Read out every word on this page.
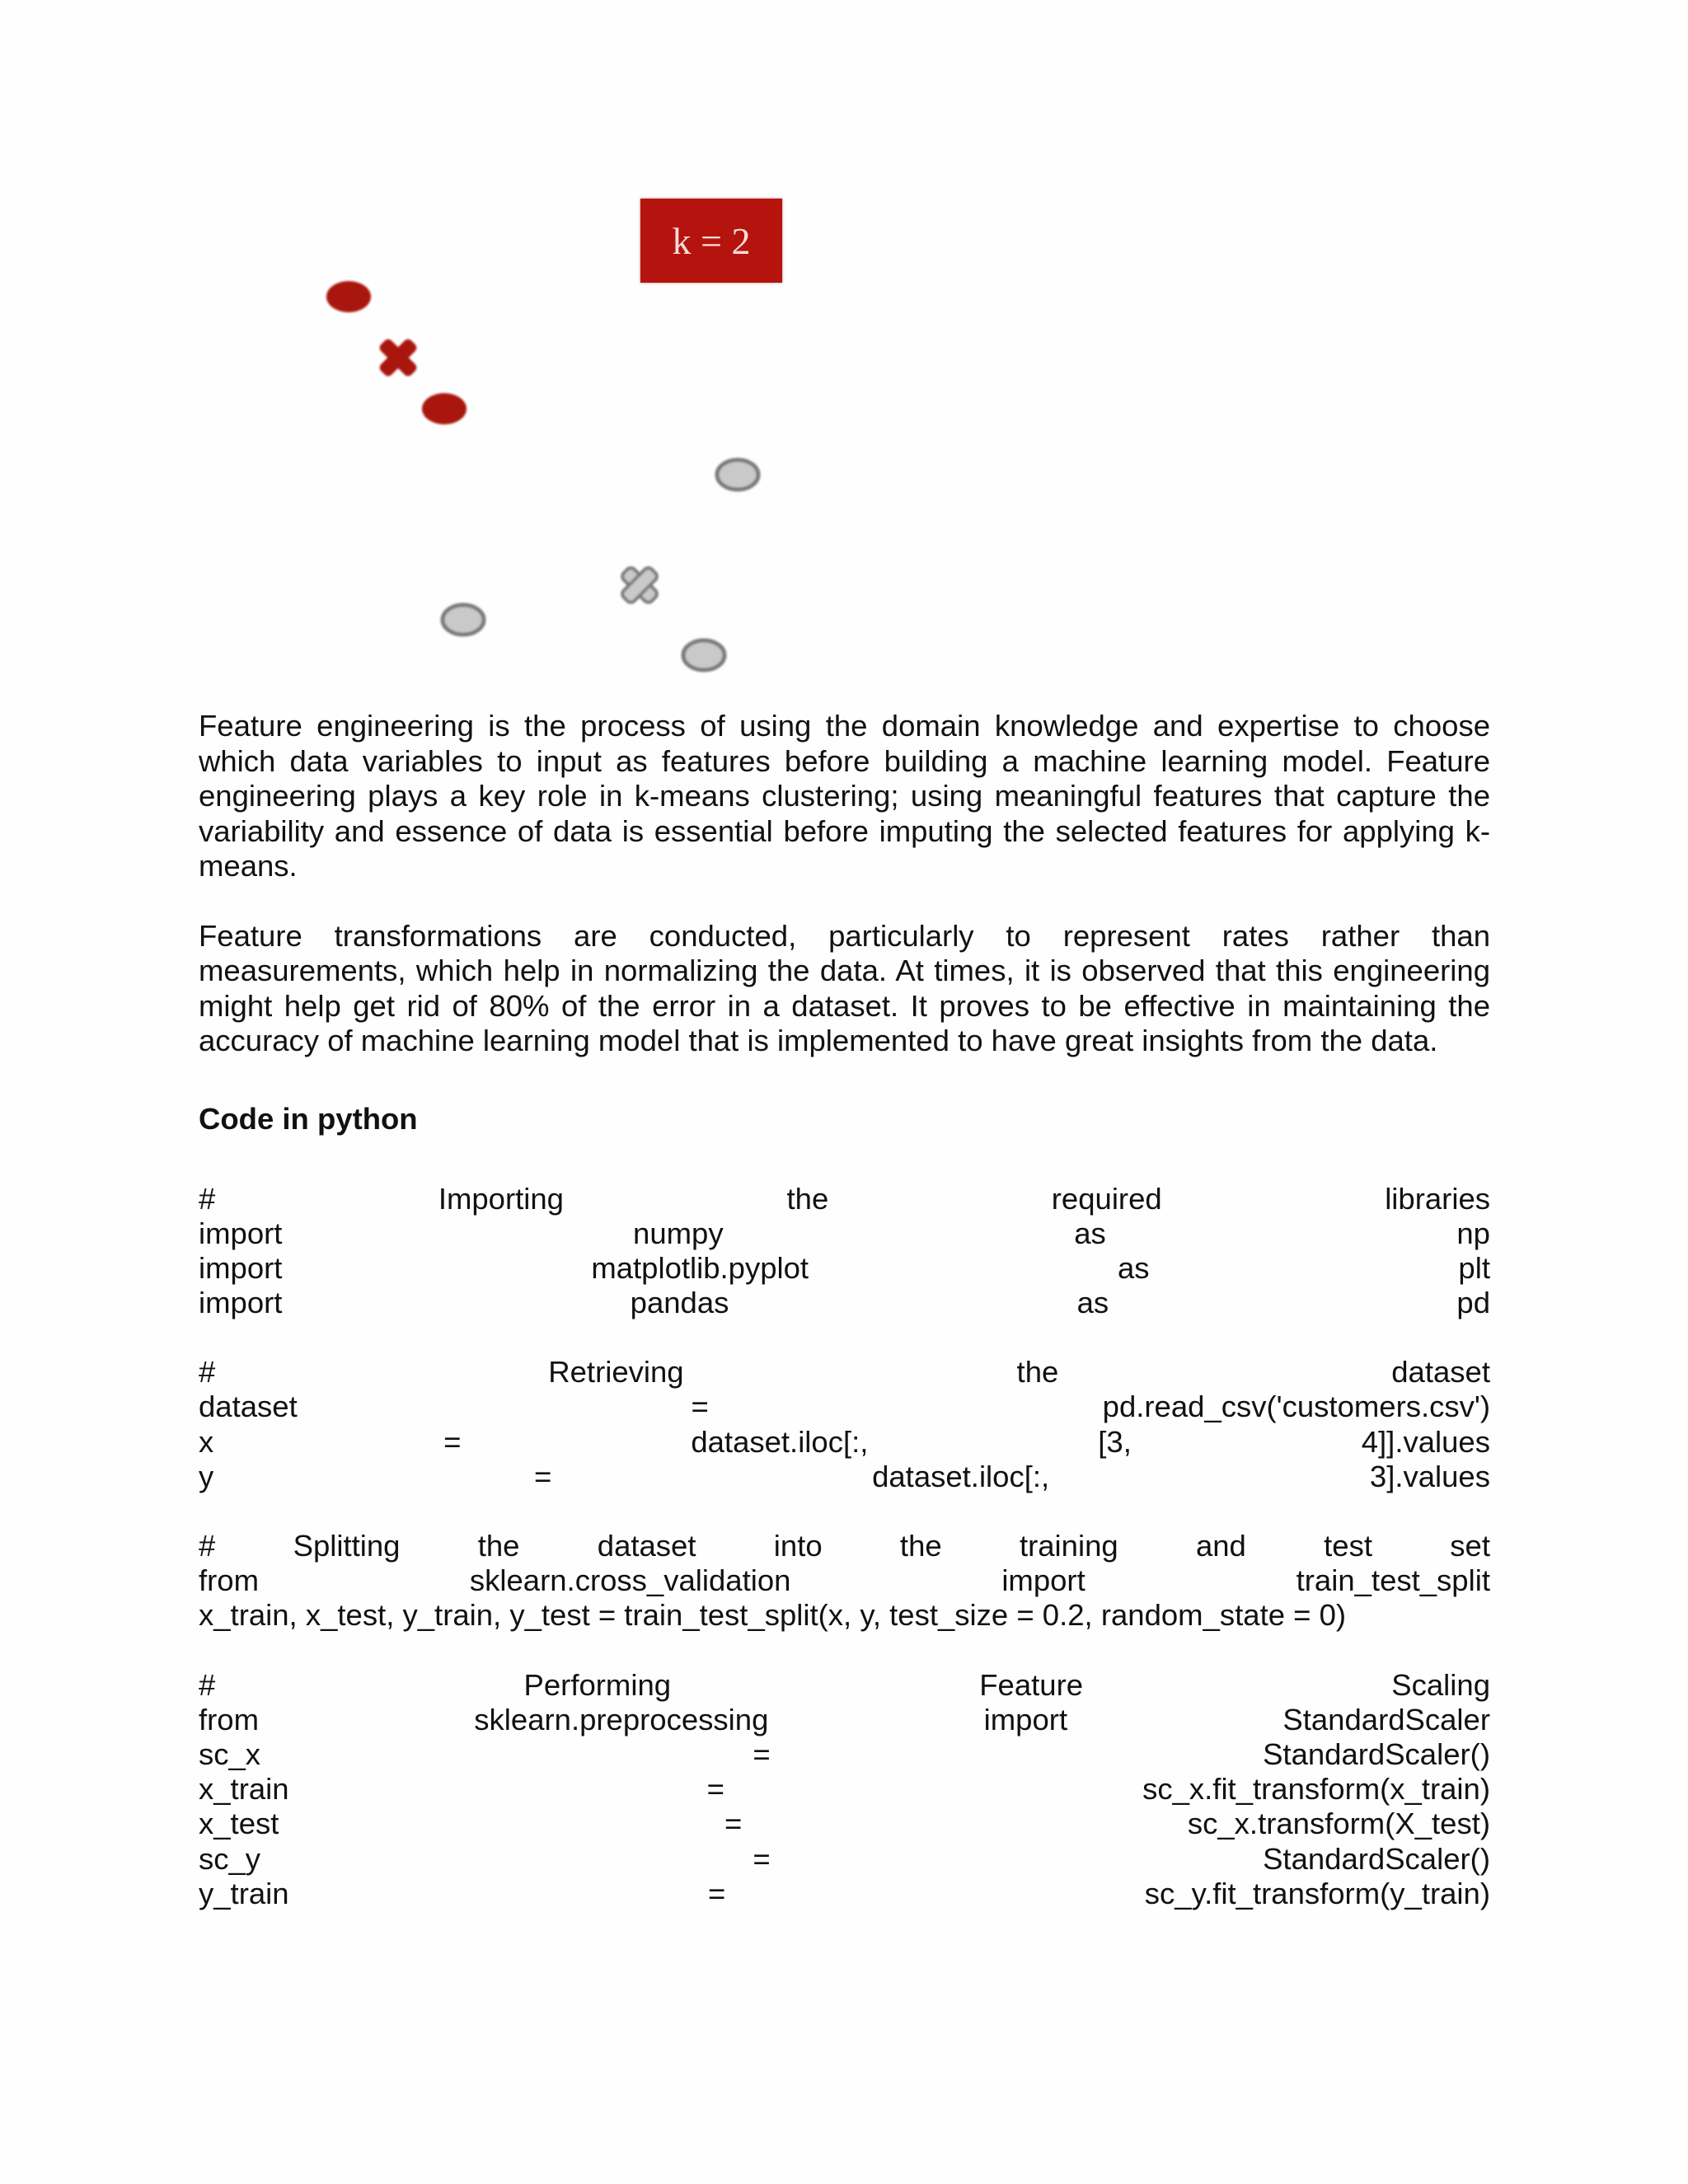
k = 2

Feature engineering is the process of using the domain knowledge and expertise to choose which data variables to input as features before building a machine learning model. Feature engineering plays a key role in k-means clustering; using meaningful features that capture the variability and essence of data is essential before imputing the selected features for applying k-means.

Feature transformations are conducted, particularly to represent rates rather than measurements, which help in normalizing the data. At times, it is observed that this engineering might help get rid of 80% of the error in a dataset. It proves to be effective in maintaining the accuracy of machine learning model that is implemented to have great insights from the data.

Code in python
#	Importing	the	required	libraries
import	numpy	as	np
import	matplotlib.pyplot	as	plt
import	pandas	as	pd
#	Retrieving	the	dataset
dataset	=	pd.read_csv('customers.csv')
x	=	dataset.iloc[:,	[3,	4]].values
y	=	dataset.iloc[:,	3].values
#	Splitting	the	dataset	into	the	training	and	test	set
from	sklearn.cross_validation	import	train_test_split
x_train, x_test, y_train, y_test = train_test_split(x, y, test_size = 0.2, random_state = 0)
#	Performing	Feature	Scaling
from	sklearn.preprocessing	import	StandardScaler
sc_x	=	StandardScaler()
x_train	=	sc_x.fit_transform(x_train)
x_test	=	sc_x.transform(X_test)
sc_y	=	StandardScaler()
y_train	=	sc_y.fit_transform(y_train)
